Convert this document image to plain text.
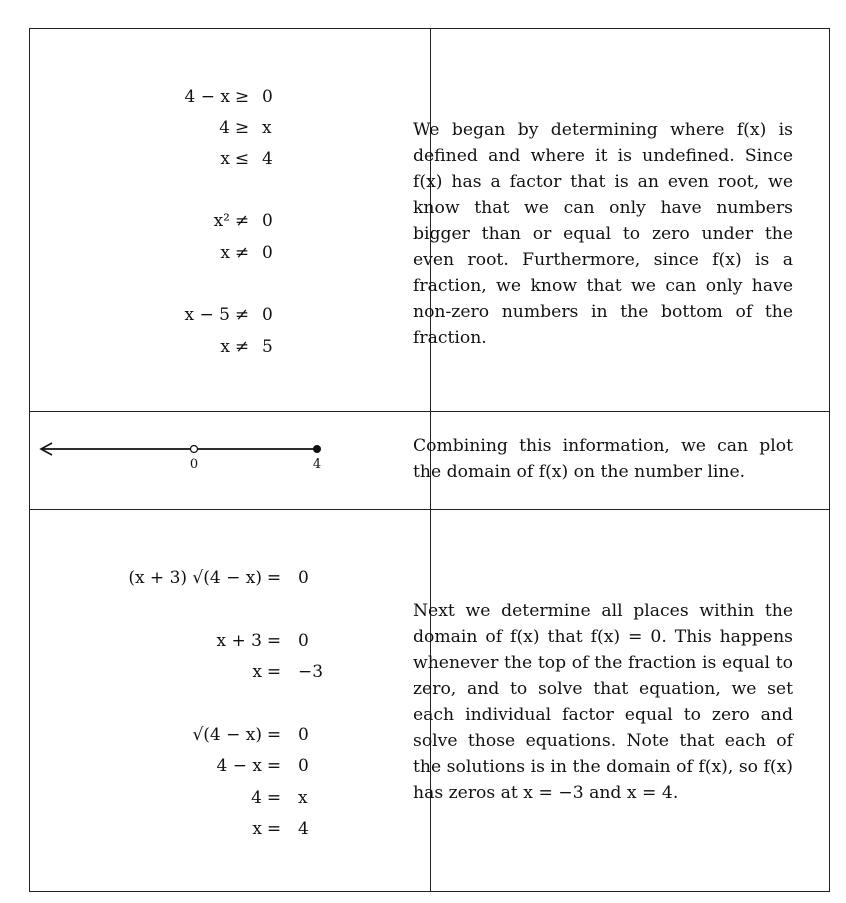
4 − x ≥ 0
4 ≥ x
x ≤ 4
x² ≠ 0
x ≠ 0
x − 5 ≠ 0
x ≠ 5

We began by determining where f(x) is defined and where it is undefined. Since f(x) has a factor that is an even root, we know that we can only have numbers bigger than or equal to zero under the even root. Furthermore, since f(x) is a fraction, we know that we can only have non-zero numbers in the bottom of the fraction.

0	4

Combining this information, we can plot the domain of f(x) on the number line.

(x + 3) √(4 − x) = 0
x + 3 = 0
x = −3
√(4 − x) = 0
4 − x = 0
4 = x
x = 4

Next we determine all places within the domain of f(x) that f(x) = 0. This happens whenever the top of the fraction is equal to zero, and to solve that equation, we set each individual factor equal to zero and solve those equations. Note that each of the solutions is in the domain of f(x), so f(x) has zeros at x = −3 and x = 4.
